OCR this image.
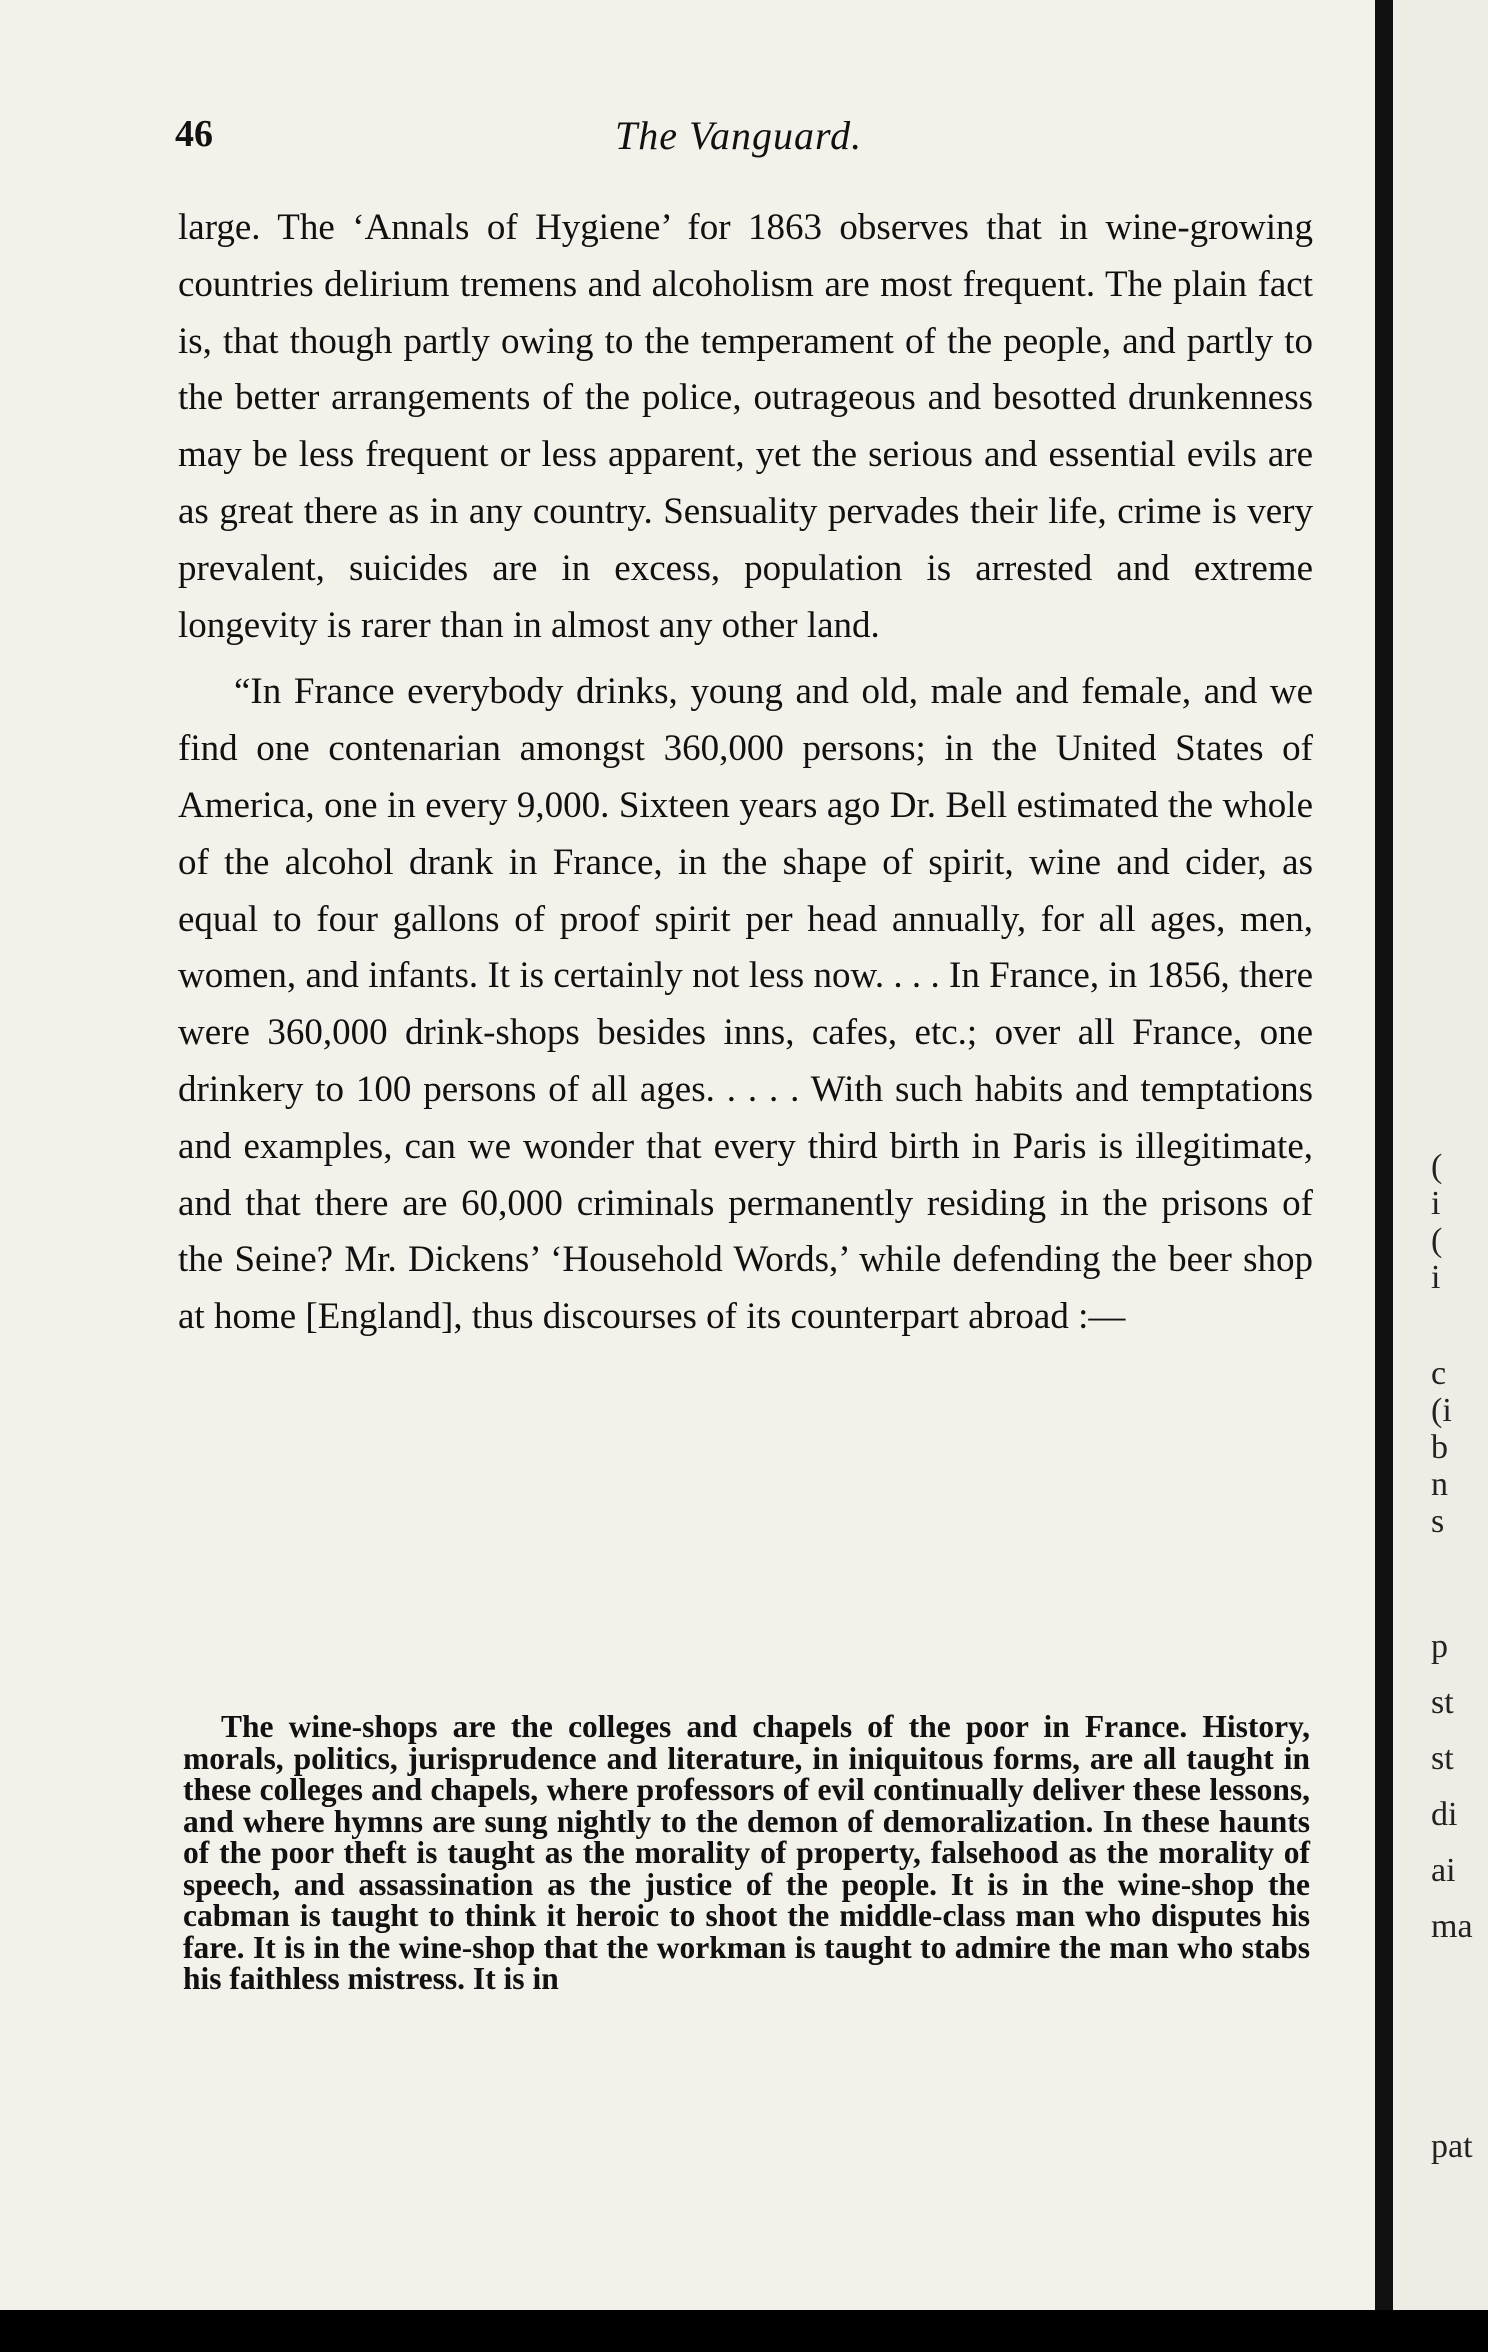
46	The Vanguard.

large. The ‘Annals of Hygiene’ for 1863 observes that in wine-growing countries delirium tremens and alcoholism are most frequent. The plain fact is, that though partly owing to the temperament of the people, and partly to the better arrangements of the police, outrageous and besotted drunkenness may be less frequent or less apparent, yet the serious and essential evils are as great there as in any country. Sensuality pervades their life, crime is very prevalent, suicides are in excess, population is arrested and extreme longevity is rarer than in almost any other land.

“In France everybody drinks, young and old, male and female, and we find one contenarian amongst 360,000 persons; in the United States of America, one in every 9,000. Sixteen years ago Dr. Bell estimated the whole of the alcohol drank in France, in the shape of spirit, wine and cider, as equal to four gallons of proof spirit per head annually, for all ages, men, women, and infants. It is certainly not less now. . . . In France, in 1856, there were 360,000 drink-shops besides inns, cafes, etc.; over all France, one drinkery to 100 persons of all ages. . . . . With such habits and temptations and examples, can we wonder that every third birth in Paris is illegitimate, and that there are 60,000 criminals permanently residing in the prisons of the Seine? Mr. Dickens’ ‘Household Words,’ while defending the beer shop at home [England], thus discourses of its counterpart abroad :—

The wine-shops are the colleges and chapels of the poor in France. History, morals, politics, jurisprudence and literature, in iniquitous forms, are all taught in these colleges and chapels, where professors of evil continually deliver these lessons, and where hymns are sung nightly to the demon of demoralization. In these haunts of the poor theft is taught as the morality of property, falsehood as the morality of speech, and assassination as the justice of the people. It is in the wine-shop the cabman is taught to think it heroic to shoot the middle-class man who disputes his fare. It is in the wine-shop that the workman is taught to admire the man who stabs his faithless mistress. It is in

(
i
(
i
c
(i
b
n
s
p
st
st
di
ai
ma
pat
